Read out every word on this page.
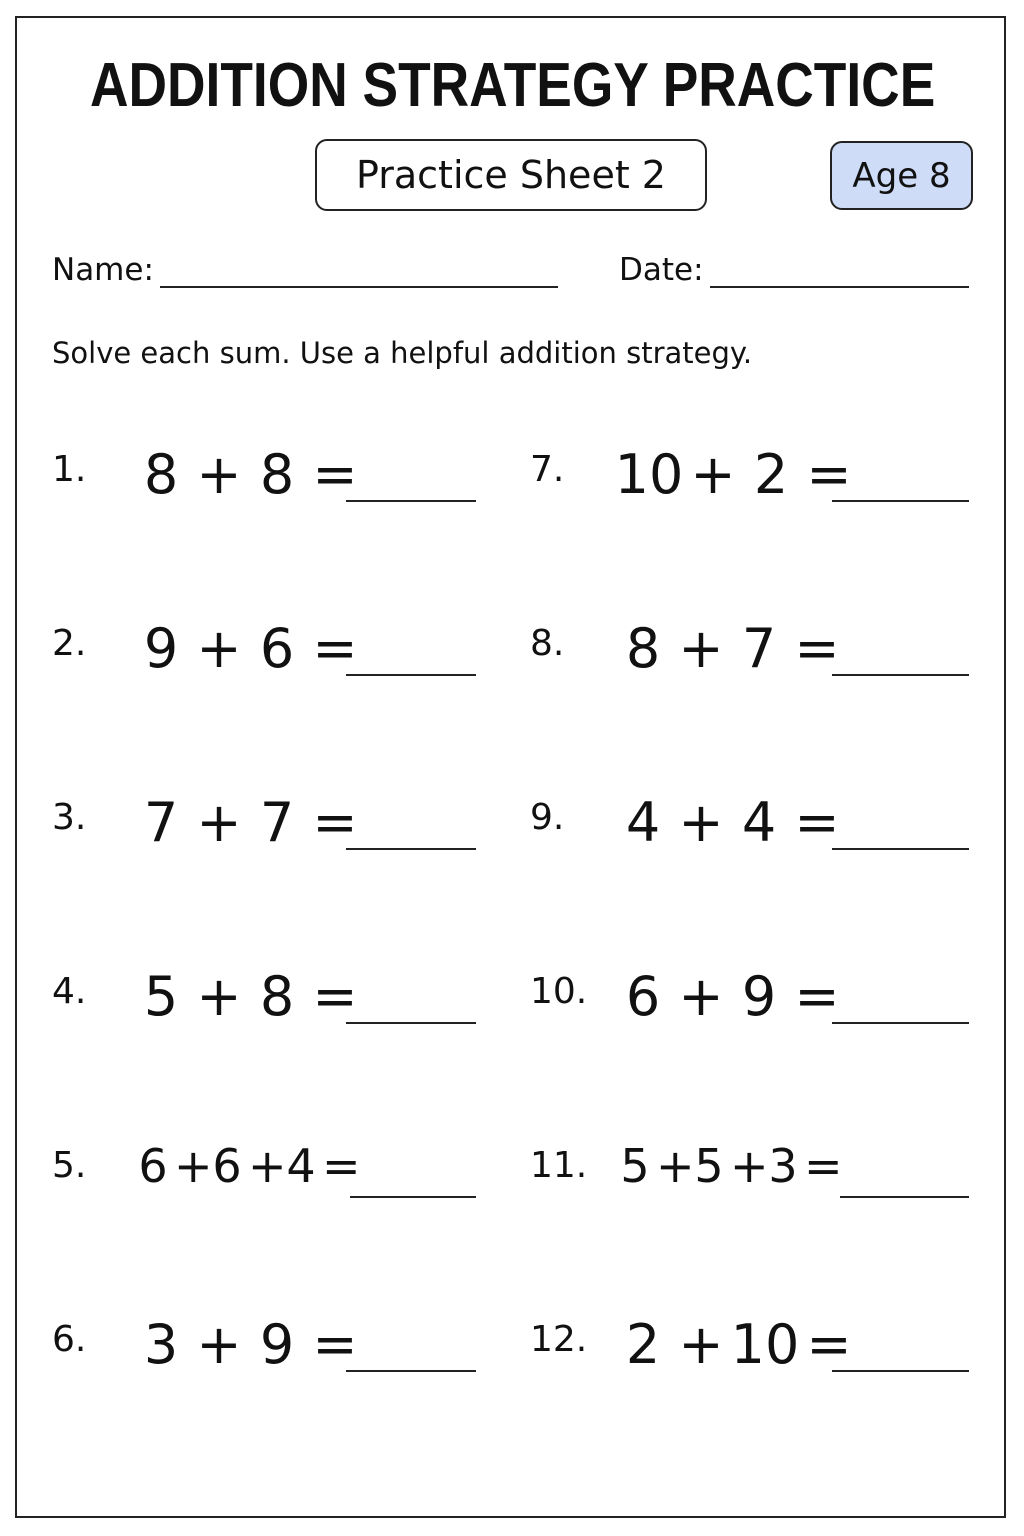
ADDITION STRATEGY PRACTICE
Practice Sheet 2	Age 8
Name:	Date:
Solve each sum. Use a helpful addition strategy.
1. 8 + 8 =
2. 9 + 6 =
3. 7 + 7 =
4. 5 + 8 =
5. 6 +6 +4 =
6. 3 + 9 =
7. 10 + 2 =
8. 8 + 7 =
9. 4 + 4 =
10. 6 + 9 =
11. 5 +5 +3 =
12. 2 + 10 =
